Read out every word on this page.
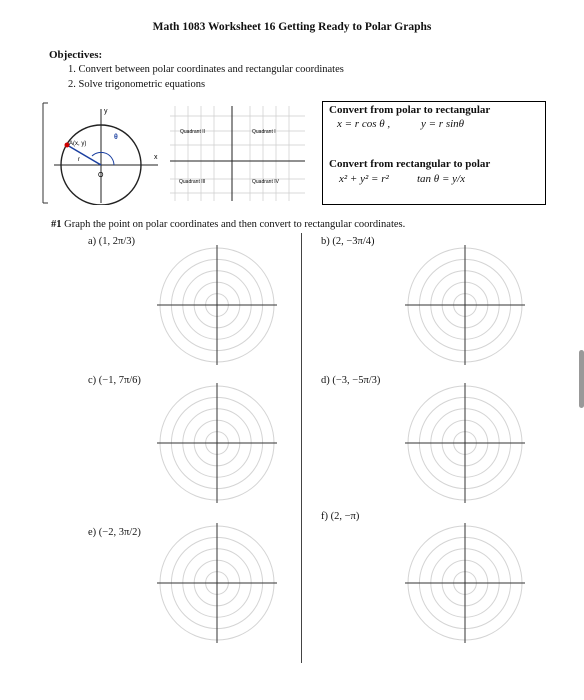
Math 1083 Worksheet 16 Getting Ready to Polar Graphs
Objectives:
1. Convert between polar coordinates and rectangular coordinates
2. Solve trigonometric equations
A(x, y)
O
θ
x
y
r
Quadrant II	Quadrant I
Quadrant III	Quadrant IV
Convert from polar to rectangular
x = r cos θ ,	y = r sinθ
Convert from rectangular to polar
x² + y² = r²	tan θ = y/x
#1 Graph the point on polar coordinates and then convert to rectangular coordinates.
a) (1, 2π/3)	b) (2, −3π/4)
c) (−1, 7π/6)	d) (−3, −5π/3)
e) (−2, 3π/2)
f) (2, −π)
